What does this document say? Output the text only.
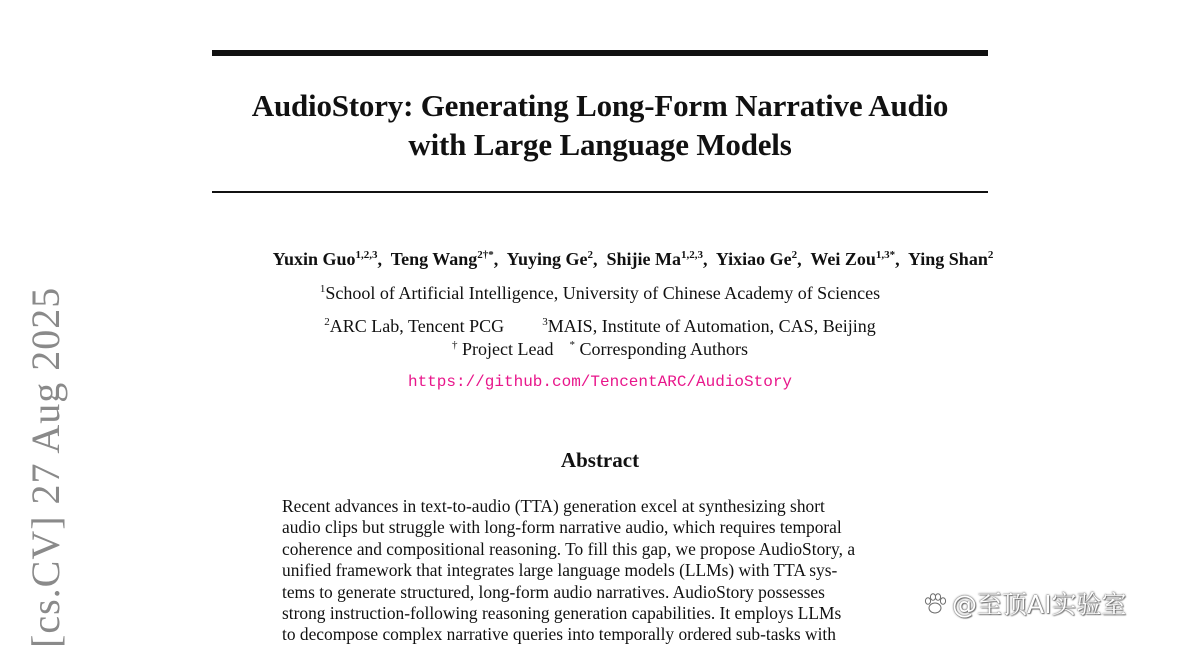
[cs.CV] 27 Aug 2025
AudioStory: Generating Long-Form Narrative Audio
with Large Language Models
Yuxin Guo$^{1,2,3}$,  Teng Wang$^{2\dagger*}$,  Yuying Ge$^2$,  Shijie Ma$^{1,2,3}$,  Yixiao Ge$^2$,  Wei Zou$^{1,3*}$,  Ying Shan$^2$
$^1$School of Artificial Intelligence, University of Chinese Academy of Sciences
$^2$ARC Lab, Tencent PCG	$^3$MAIS, Institute of Automation, CAS, Beijing
† Project Lead * Corresponding Authors
https://github.com/TencentARC/AudioStory
Abstract
Recent advances in text-to-audio (TTA) generation excel at synthesizing short
audio clips but struggle with long-form narrative audio, which requires temporal
coherence and compositional reasoning. To fill this gap, we propose AudioStory, a
unified framework that integrates large language models (LLMs) with TTA sys-
tems to generate structured, long-form audio narratives. AudioStory possesses
strong instruction-following reasoning generation capabilities. It employs LLMs
to decompose complex narrative queries into temporally ordered sub-tasks with
@至顶AI实验室
